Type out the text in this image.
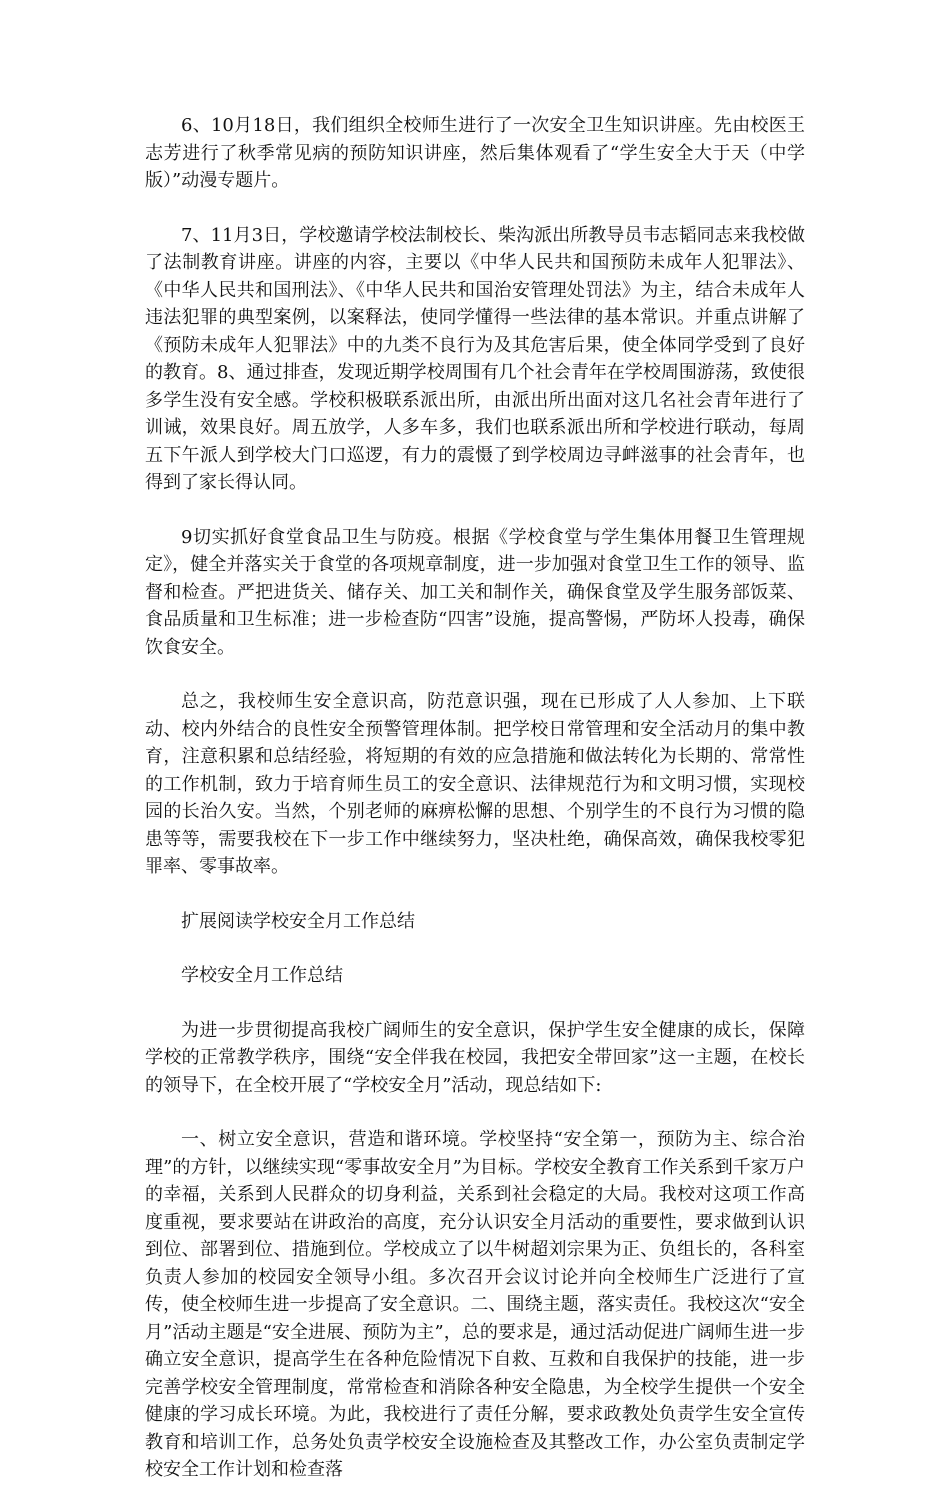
6、10月18日，我们组织全校师生进行了一次安全卫生知识讲座。先由校医王志芳进行了秋季常见病的预防知识讲座，然后集体观看了“学生安全大于天（中学版）”动漫专题片。

7、11月3日，学校邀请学校法制校长、柴沟派出所教导员韦志韬同志来我校做了法制教育讲座。讲座的内容，主要以《中华人民共和国预防未成年人犯罪法》、《中华人民共和国刑法》、《中华人民共和国治安管理处罚法》为主，结合未成年人违法犯罪的典型案例，以案释法，使同学懂得一些法律的基本常识。并重点讲解了《预防未成年人犯罪法》中的九类不良行为及其危害后果，使全体同学受到了良好的教育。8、通过排查，发现近期学校周围有几个社会青年在学校周围游荡，致使很多学生没有安全感。学校积极联系派出所，由派出所出面对这几名社会青年进行了训诫，效果良好。周五放学，人多车多，我们也联系派出所和学校进行联动，每周五下午派人到学校大门口巡逻，有力的震慑了到学校周边寻衅滋事的社会青年，也得到了家长得认同。

9切实抓好食堂食品卫生与防疫。根据《学校食堂与学生集体用餐卫生管理规定》，健全并落实关于食堂的各项规章制度，进一步加强对食堂卫生工作的领导、监督和检查。严把进货关、储存关、加工关和制作关，确保食堂及学生服务部饭菜、食品质量和卫生标准；进一步检查防“四害”设施，提高警惕，严防坏人投毒，确保饮食安全。

总之，我校师生安全意识高，防范意识强，现在已形成了人人参加、上下联动、校内外结合的良性安全预警管理体制。把学校日常管理和安全活动月的集中教育，注意积累和总结经验，将短期的有效的应急措施和做法转化为长期的、常常性的工作机制，致力于培育师生员工的安全意识、法律规范行为和文明习惯，实现校园的长治久安。当然，个别老师的麻痹松懈的思想、个别学生的不良行为习惯的隐患等等，需要我校在下一步工作中继续努力，坚决杜绝，确保高效，确保我校零犯罪率、零事故率。

扩展阅读学校安全月工作总结

学校安全月工作总结

为进一步贯彻提高我校广阔师生的安全意识，保护学生安全健康的成长，保障学校的正常教学秩序，围绕“安全伴我在校园，我把安全带回家”这一主题，在校长的领导下，在全校开展了“学校安全月”活动，现总结如下:

一、树立安全意识，营造和谐环境。学校坚持“安全第一，预防为主、综合治理”的方针，以继续实现“零事故安全月”为目标。学校安全教育工作关系到千家万户的幸福，关系到人民群众的切身利益，关系到社会稳定的大局。我校对这项工作高度重视，要求要站在讲政治的高度，充分认识安全月活动的重要性，要求做到认识到位、部署到位、措施到位。学校成立了以牛树超刘宗果为正、负组长的，各科室负责人参加的校园安全领导小组。多次召开会议讨论并向全校师生广泛进行了宣传，使全校师生进一步提高了安全意识。二、围绕主题，落实责任。我校这次“安全月”活动主题是“安全进展、预防为主”，总的要求是，通过活动促进广阔师生进一步确立安全意识，提高学生在各种危险情况下自救、互救和自我保护的技能，进一步完善学校安全管理制度，常常检查和消除各种安全隐患，为全校学生提供一个安全健康的学习成长环境。为此，我校进行了责任分解，要求政教处负责学生安全宣传教育和培训工作，总务处负责学校安全设施检查及其整改工作，办公室负责制定学校安全工作计划和检查落
